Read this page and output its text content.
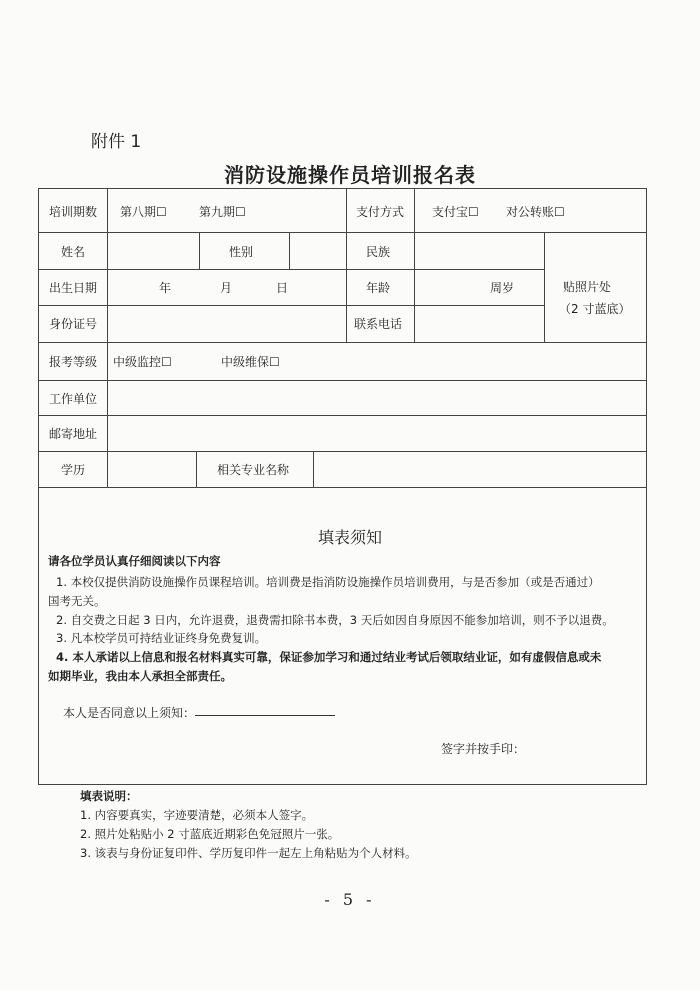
附件 1
消防设施操作员培训报名表
培训期数 第八期☐	第九期☐	支付方式 支付宝☐ 对公转账☐
姓名	性别	民族
贴照片处
（2 寸蓝底）
出生日期	年	月	日	年龄	周岁
身份证号	联系电话
报考等级 中级监控☐	中级维保☐
工作单位
邮寄地址
学历	相关专业名称
填表须知
请各位学员认真仔细阅读以下内容
1. 本校仅提供消防设施操作员课程培训。培训费是指消防设施操作员培训费用，与是否参加（或是否通过）
国考无关。
2. 自交费之日起 3 日内，允许退费，退费需扣除书本费，3 天后如因自身原因不能参加培训，则不予以退费。
3. 凡本校学员可持结业证终身免费复训。
4. 本人承诺以上信息和报名材料真实可靠，保证参加学习和通过结业考试后领取结业证，如有虚假信息或未
如期毕业，我由本人承担全部责任。
本人是否同意以上须知：
签字并按手印：
填表说明：
1. 内容要真实，字迹要清楚，必须本人签字。
2. 照片处粘贴小 2 寸蓝底近期彩色免冠照片一张。
3. 该表与身份证复印件、学历复印件一起左上角粘贴为个人材料。
- 5 -
